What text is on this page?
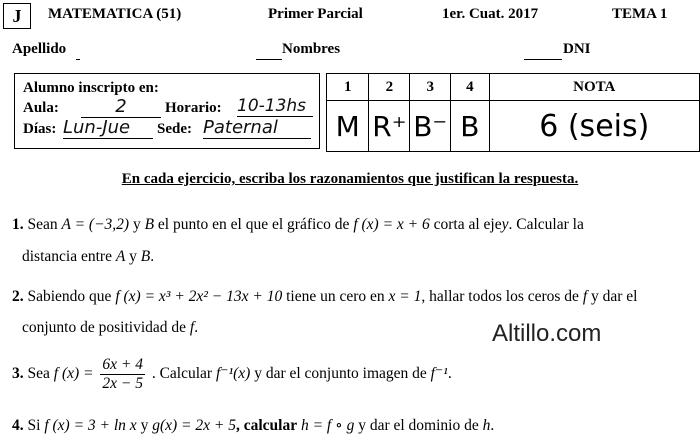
J	MATEMATICA (51)	Primer Parcial	1er. Cuat. 2017	TEMA 1
Apellido	Nombres	DNI
Alumno inscripto en:
Aula:	2	Horario: 10-13hs
Días: Lun-Jue	Sede: Paternal
1	2	3	4	NOTA
M	R⁺	B⁻	B	6 (seis)
En cada ejercicio, escriba los razonamientos que justifican la respuesta.
1. Sean A = (−3,2) y B el punto en el que el gráfico de f (x) = x + 6 corta al ejey. Calcular la
distancia entre A y B.
2. Sabiendo que f (x) = x³ + 2x² − 13x + 10 tiene un cero en x = 1, hallar todos los ceros de f y dar el
conjunto de positividad de f.	Altillo.com
3. Sea f $(x) = \frac{6x + 4}{2x - 5}$ . Calcular f⁻¹(x) y dar el conjunto imagen de f⁻¹.
4. Si f (x) = 3 + ln x y g(x) = 2x + 5, calcular h = f ∘ g y dar el dominio de h.
